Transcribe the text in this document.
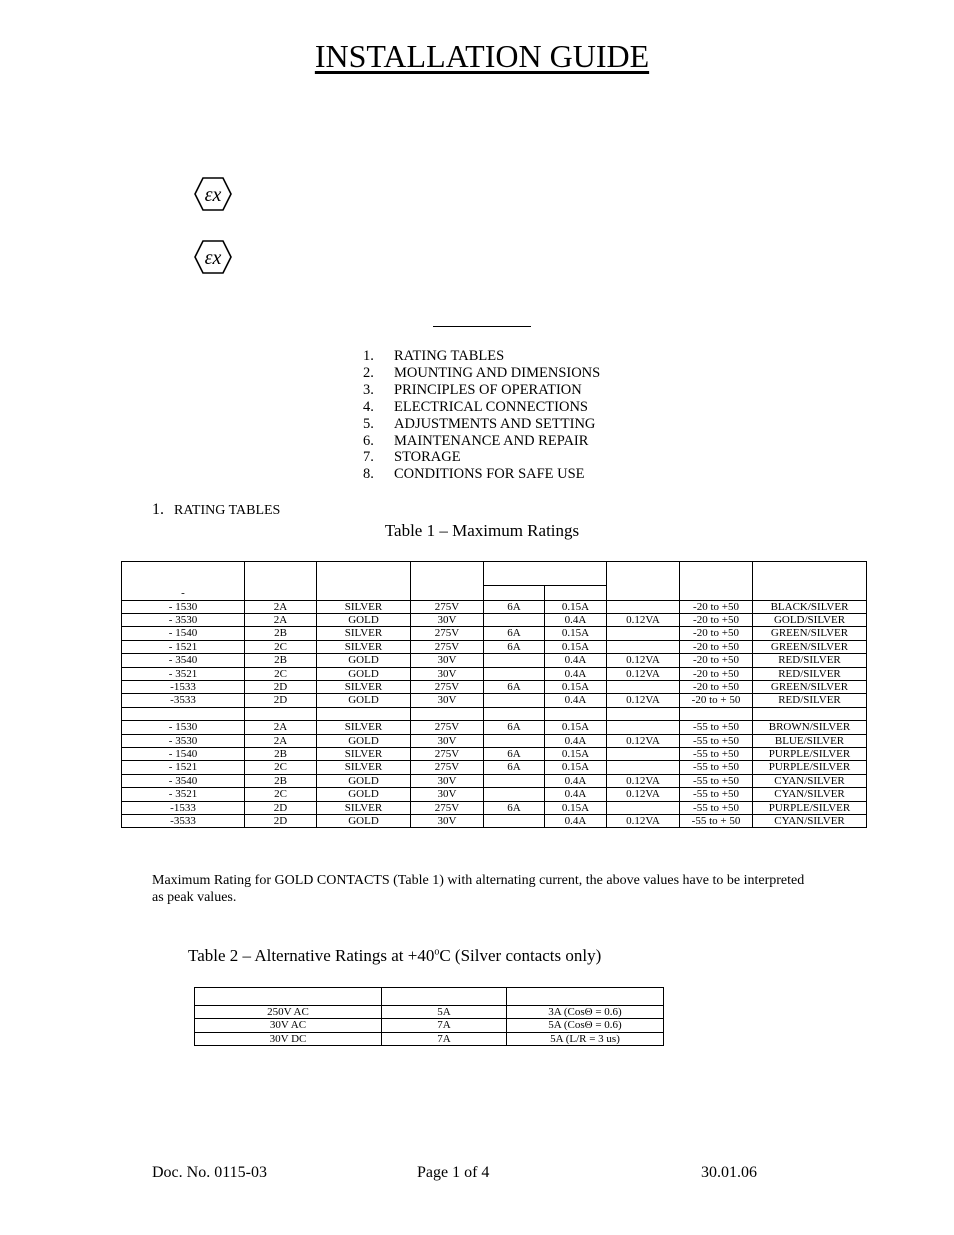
INSTALLATION GUIDE
εx
εx
1.	RATING TABLES
2.	MOUNTING AND DIMENSIONS
3.	PRINCIPLES OF OPERATION
4.	ELECTRICAL CONNECTIONS
5.	ADJUSTMENTS AND SETTING
6.	MAINTENANCE AND REPAIR
7.	STORAGE
8.	CONDITIONS FOR SAFE USE
1. RATING TABLES
Table 1 – Maximum Ratings
-								

- 1530	2A	SILVER	275V	6A	0.15A		-20 to +50	BLACK/SILVER
- 3530	2A	GOLD	30V		0.4A	0.12VA	-20 to +50	GOLD/SILVER
- 1540	2B	SILVER	275V	6A	0.15A		-20 to +50	GREEN/SILVER
- 1521	2C	SILVER	275V	6A	0.15A		-20 to +50	GREEN/SILVER
- 3540	2B	GOLD	30V		0.4A	0.12VA	-20 to +50	RED/SILVER
- 3521	2C	GOLD	30V		0.4A	0.12VA	-20 to +50	RED/SILVER
-1533	2D	SILVER	275V	6A	0.15A		-20 to +50	GREEN/SILVER
-3533	2D	GOLD	30V		0.4A	0.12VA	-20 to + 50	RED/SILVER

- 1530	2A	SILVER	275V	6A	0.15A		-55 to +50	BROWN/SILVER
- 3530	2A	GOLD	30V		0.4A	0.12VA	-55 to +50	BLUE/SILVER
- 1540	2B	SILVER	275V	6A	0.15A		-55 to +50	PURPLE/SILVER
- 1521	2C	SILVER	275V	6A	0.15A		-55 to +50	PURPLE/SILVER
- 3540	2B	GOLD	30V		0.4A	0.12VA	-55 to +50	CYAN/SILVER
- 3521	2C	GOLD	30V		0.4A	0.12VA	-55 to +50	CYAN/SILVER
-1533	2D	SILVER	275V	6A	0.15A		-55 to +50	PURPLE/SILVER
-3533	2D	GOLD	30V		0.4A	0.12VA	-55 to + 50	CYAN/SILVER
Maximum Rating for GOLD CONTACTS (Table 1) with alternating current, the above values have to be interpreted as peak values.
Table 2 – Alternative Ratings at $+40^oC$ (Silver contacts only)

250V AC	5A	3A (CosΘ = 0.6)
30V AC	7A	5A (CosΘ = 0.6)
30V DC	7A	5A (L/R = 3 us)
Doc. No. 0115-03	Page 1 of 4	30.01.06
